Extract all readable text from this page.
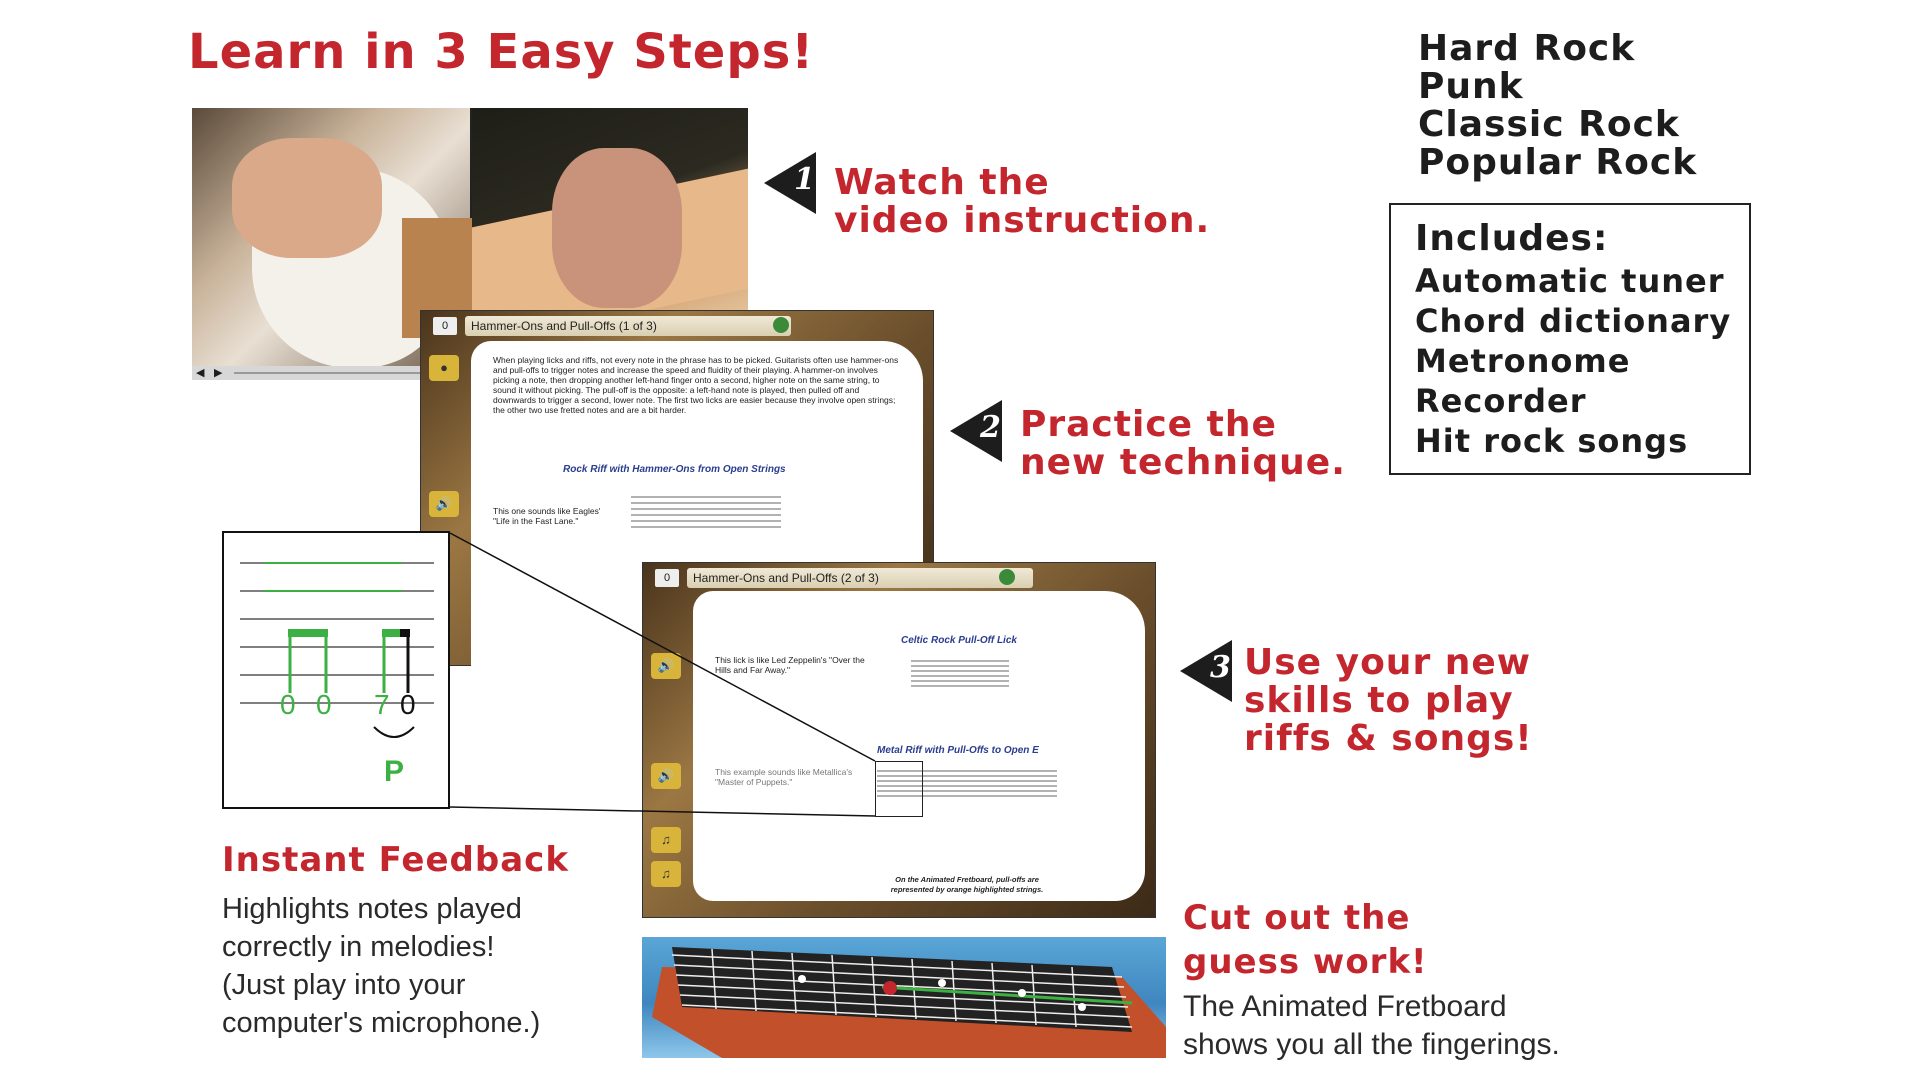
Learn in 3 Easy Steps!	Hard Rock
Punk
Classic Rock
Popular Rock
Includes:
Automatic tuner
Chord dictionary
Metronome
Recorder
Hit rock songs
◀ ▶
1 Watch the
video instruction.
0	Hammer-Ons and Pull-Offs (1 of 3)
●
🔊
When playing licks and riffs, not every note in the phrase has to be picked. Guitarists often use hammer-ons and pull-offs to trigger notes and increase the speed and fluidity of their playing. A hammer-on involves picking a note, then dropping another left-hand finger onto a second, higher note on the same string, to sound it without picking. The pull-off is the opposite: a left-hand note is played, then pulled off and downwards to trigger a second, lower note. The first two licks are easier because they involve open strings; the other two use fretted notes and are a bit harder.
Rock Riff with Hammer-Ons from Open Strings
This one sounds like Eagles' "Life in the Fast Lane."
2 Practice the
new technique.
0	Hammer-Ons and Pull-Offs (2 of 3)
🔊
🔊
♫
♫
Celtic Rock Pull-Off Lick
This lick is like Led Zeppelin's "Over the Hills and Far Away."
Metal Riff with Pull-Offs to Open E
This example sounds like Metallica's "Master of Puppets."
On the Animated Fretboard, pull-offs are represented by orange highlighted strings.
3 Use your new
skills to play
riffs & songs!
0 0 7 0
P
Instant Feedback
Highlights notes played
correctly in melodies!
(Just play into your
computer's microphone.)
Cut out the
guess work!
The Animated Fretboard
shows you all the fingerings.
